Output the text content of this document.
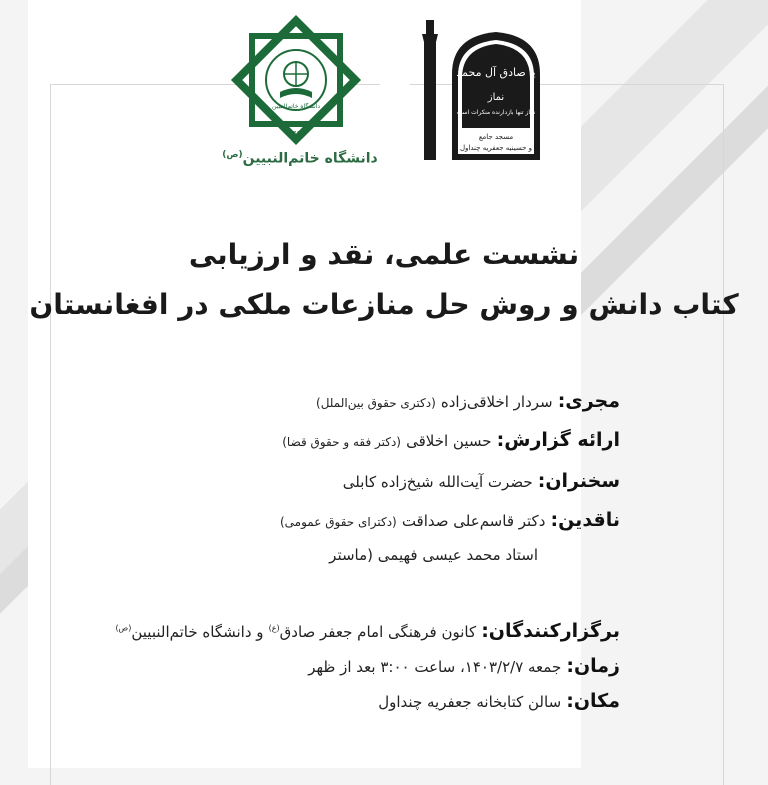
یا صادق آل محمد
نماز
نماز تنها بازدارنده منکرات است
مسجد جامع
و حسینیه جعفریه چنداول
دانشگاه خاتم‌النبیین
۱۳۸۶
دانشگاه خاتم‌النبیین$^{(ص)}$
نشست علمی، نقد و ارزیابی
کتاب دانش و روش حل منازعات ملکی در افغانستان
مجری: سردار اخلاقی‌زاده (دکتری حقوق بین‌الملل)
ارائه گزارش: حسین اخلاقی (دکتر فقه و حقوق قضا)
سخنران: حضرت آیت‌الله شیخ‌زاده کابلی
ناقدین: دکتر قاسم‌علی صداقت (دکترای حقوق عمومی)
استاد محمد عیسی فهیمی (ماستر
برگزارکنندگان: کانون فرهنگی امام جعفر صادق$^{(ع)}$ و دانشگاه خاتم‌النبیین$^{(ص)}$
زمان: جمعه ۱۴۰۳/۲/۷، ساعت ۳:۰۰ بعد از ظهر
مکان: سالن کتابخانه جعفریه چنداول
